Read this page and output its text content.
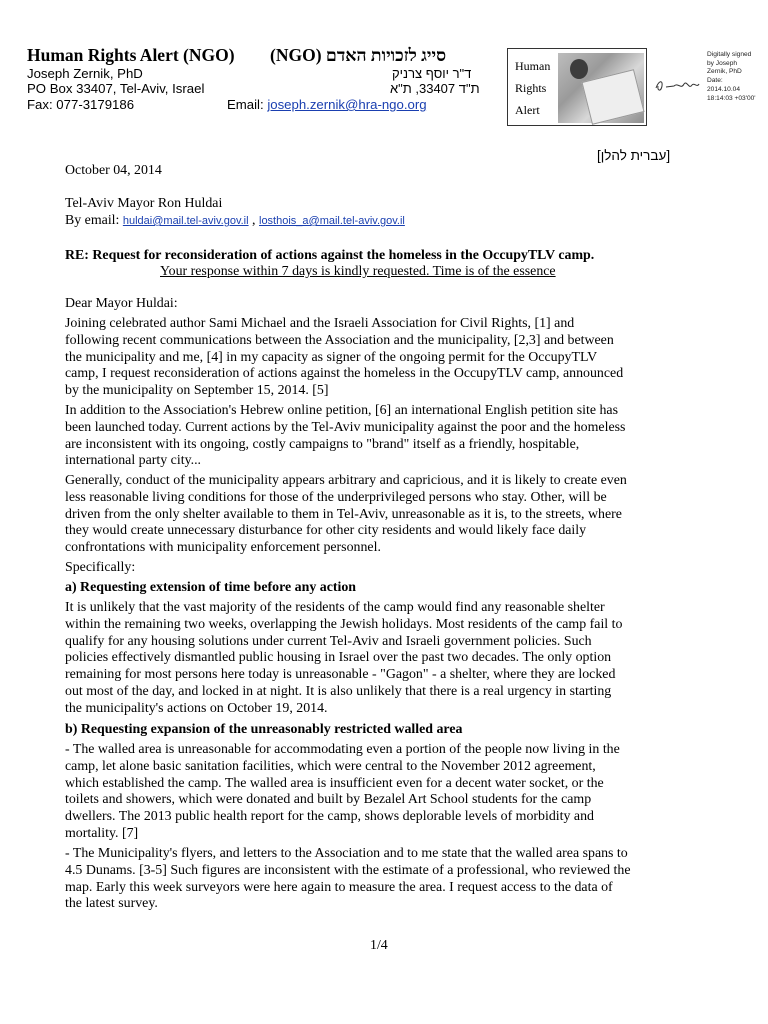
Human Rights Alert (NGO) (NGO) סייג לזכויות האדם
Joseph Zernik, PhD	ד"ר יוסף צרניק
PO Box 33407, Tel-Aviv, Israel	ת"ד 33407, ת"א
Fax: 077-3179186	Email: joseph.zernik@hra-ngo.org
Human
Rights
Alert
Digitally signed
by Joseph
Zernik, PhD
Date:
2014.10.04
18:14:03 +03'00'
[עברית להלן]
October 04, 2014
Tel-Aviv Mayor Ron Huldai
By email: huldai@mail.tel-aviv.gov.il , losthois_a@mail.tel-aviv.gov.il
RE: Request for reconsideration of actions against the homeless in the OccupyTLV camp.
Your response within 7 days is kindly requested. Time is of the essence
Dear Mayor Huldai:
Joining celebrated author Sami Michael and the Israeli Association for Civil Rights, [1] and
following recent communications between the Association and the municipality, [2,3] and between
the municipality and me, [4] in my capacity as signer of the ongoing permit for the OccupyTLV
camp, I request reconsideration of actions against the homeless in the OccupyTLV camp, announced
by the municipality on September 15, 2014. [5]
In addition to the Association's Hebrew online petition, [6] an international English petition site has
been launched today. Current actions by the Tel-Aviv municipality against the poor and the homeless
are inconsistent with its ongoing, costly campaigns to "brand" itself as a friendly, hospitable,
international party city...
Generally, conduct of the municipality appears arbitrary and capricious, and it is likely to create even
less reasonable living conditions for those of the underprivileged persons who stay. Other, will be
driven from the only shelter available to them in Tel-Aviv, unreasonable as it is, to the streets, where
they would create unnecessary disturbance for other city residents and would likely face daily
confrontations with municipality enforcement personnel.
Specifically:
a) Requesting extension of time before any action
It is unlikely that the vast majority of the residents of the camp would find any reasonable shelter
within the remaining two weeks, overlapping the Jewish holidays. Most residents of the camp fail to
qualify for any housing solutions under current Tel-Aviv and Israeli government policies. Such
policies effectively dismantled public housing in Israel over the past two decades. The only option
remaining for most persons here today is unreasonable - "Gagon" - a shelter, where they are locked
out most of the day, and locked in at night. It is also unlikely that there is a real urgency in starting
the municipality's actions on October 19, 2014.
b) Requesting expansion of the unreasonably restricted walled area
- The walled area is unreasonable for accommodating even a portion of the people now living in the
camp, let alone basic sanitation facilities, which were central to the November 2012 agreement,
which established the camp. The walled area is insufficient even for a decent water socket, or the
toilets and showers, which were donated and built by Bezalel Art School students for the camp
dwellers. The 2013 public health report for the camp, shows deplorable levels of morbidity and
mortality. [7]
- The Municipality's flyers, and letters to the Association and to me state that the walled area spans to
4.5 Dunams. [3-5] Such figures are inconsistent with the estimate of a professional, who reviewed the
map. Early this week surveyors were here again to measure the area. I request access to the data of
the latest survey.
1/4
